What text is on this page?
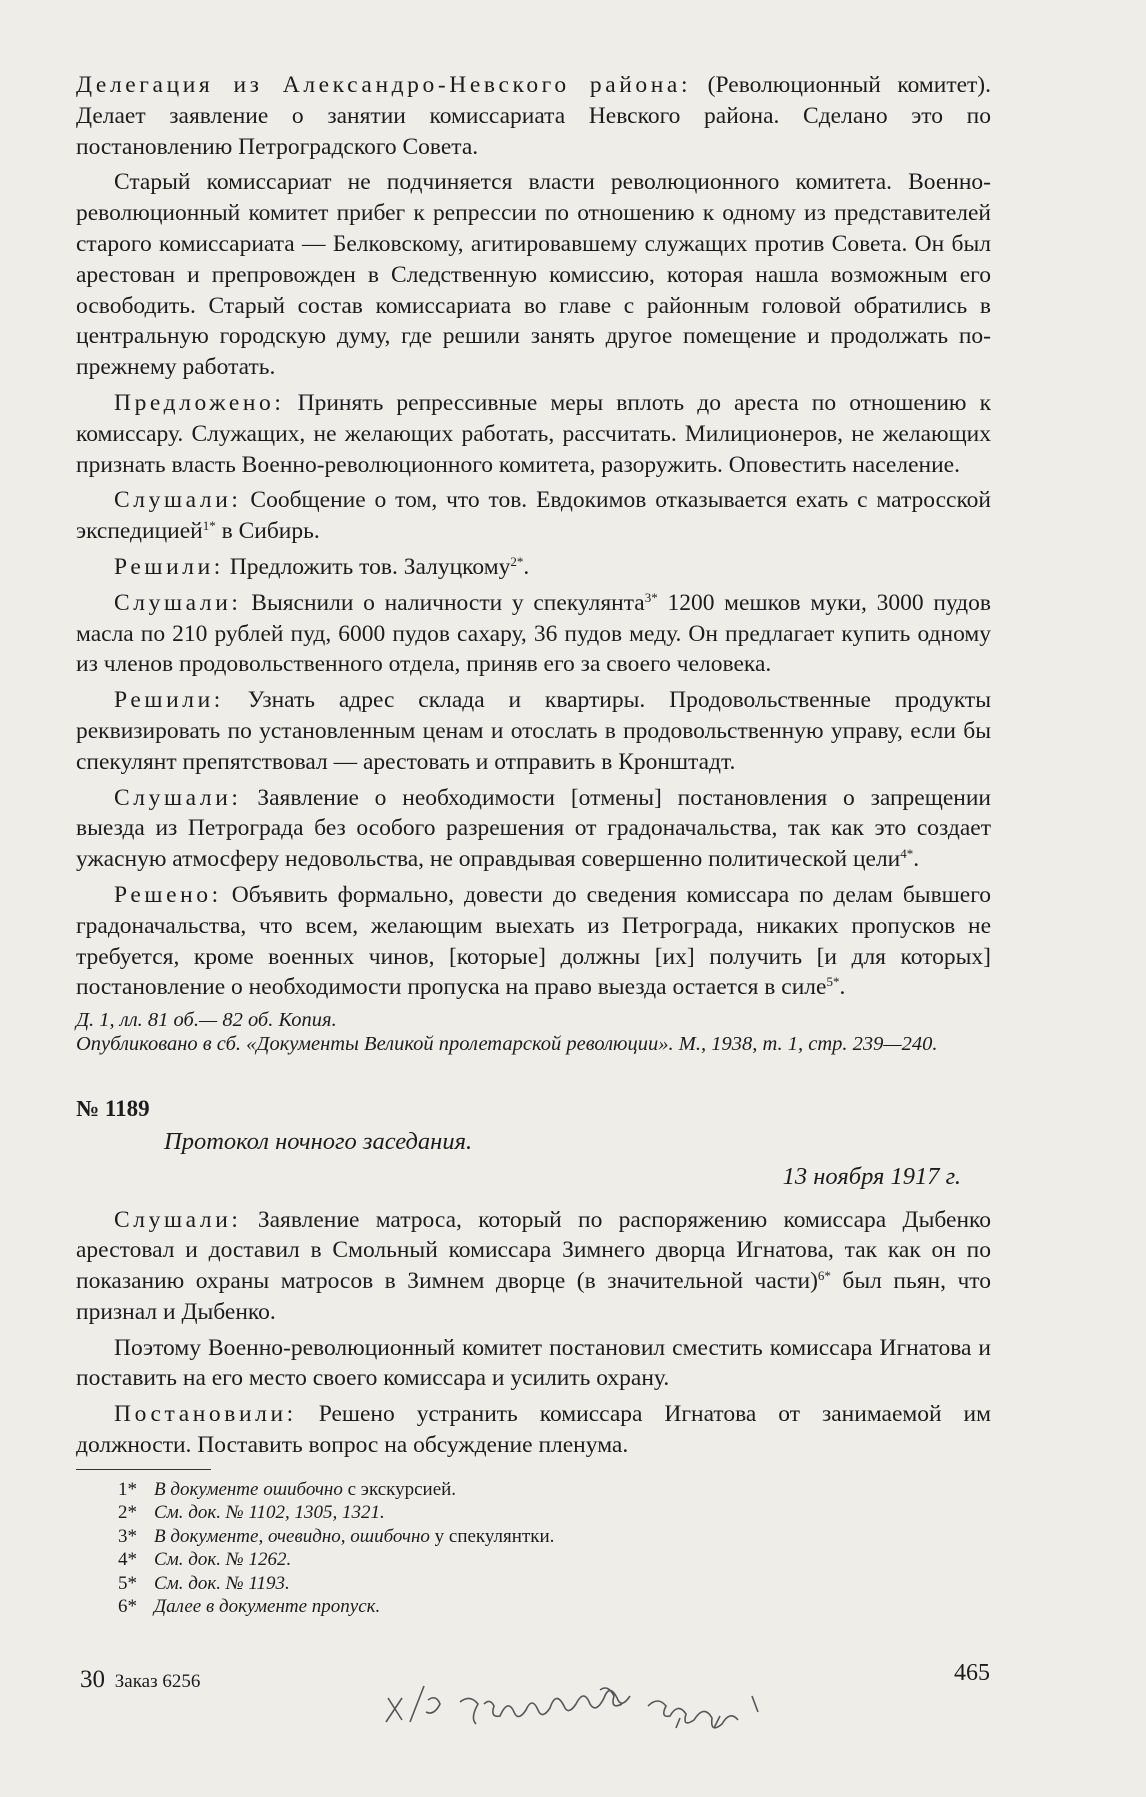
Делегация из Александро-Невского района: (Революционный комитет). Делает заявление о занятии комиссариата Невского района. Сделано это по постановлению Петроградского Совета.

Старый комиссариат не подчиняется власти революционного комитета. Военно-революционный комитет прибег к репрессии по отношению к одному из представителей старого комиссариата — Белковскому, агитировавшему служащих против Совета. Он был арестован и препровожден в Следственную комиссию, которая нашла возможным его освободить. Старый состав комиссариата во главе с районным головой обратились в центральную городскую думу, где решили занять другое помещение и продолжать по-прежнему работать.

Предложено: Принять репрессивные меры вплоть до ареста по отношению к комиссару. Служащих, не желающих работать, рассчитать. Милиционеров, не желающих признать власть Военно-революционного комитета, разоружить. Оповестить население.

Слушали: Сообщение о том, что тов. Евдокимов отказывается ехать с матросской экспедицией$^{1*}$ в Сибирь.

Решили: Предложить тов. Залуцкому$^{2*}$.

Слушали: Выяснили о наличности у спекулянта$^{3*}$ 1200 мешков муки, 3000 пудов масла по 210 рублей пуд, 6000 пудов сахару, 36 пудов меду. Он предлагает купить одному из членов продовольственного отдела, приняв его за своего человека.

Решили: Узнать адрес склада и квартиры. Продовольственные продукты реквизировать по установленным ценам и отослать в продовольственную управу, если бы спекулянт препятствовал — арестовать и отправить в Кронштадт.

Слушали: Заявление о необходимости [отмены] постановления о запрещении выезда из Петрограда без особого разрешения от градоначальства, так как это создает ужасную атмосферу недовольства, не оправдывая совершенно политической цели$^{4*}$.

Решено: Объявить формально, довести до сведения комиссара по делам бывшего градоначальства, что всем, желающим выехать из Петрограда, никаких пропусков не требуется, кроме военных чинов, [которые] должны [их] получить [и для которых] постановление о необходимости пропуска на право выезда остается в силе$^{5*}$.

Д. 1, лл. 81 об.— 82 об. Копия.

Опубликовано в сб. «Документы Великой пролетарской революции». М., 1938, т. 1, стр. 239—240.

№ 1189

Протокол ночного заседания.

13 ноября 1917 г.

Слушали: Заявление матроса, который по распоряжению комиссара Дыбенко арестовал и доставил в Смольный комиссара Зимнего дворца Игнатова, так как он по показанию охраны матросов в Зимнем дворце (в значительной части)$^{6*}$ был пьян, что признал и Дыбенко.

Поэтому Военно-революционный комитет постановил сместить комиссара Игнатова и поставить на его место своего комиссара и усилить охрану.

Постановили: Решено устранить комиссара Игнатова от занимаемой им должности. Поставить вопрос на обсуждение пленума.

1* В документе ошибочно с экскурсией.
2* См. док. № 1102, 1305, 1321.
3* В документе, очевидно, ошибочно у спекулянтки.
4* См. док. № 1262.
5* См. док. № 1193.
6* Далее в документе пропуск.
30 Заказ 6256	465
